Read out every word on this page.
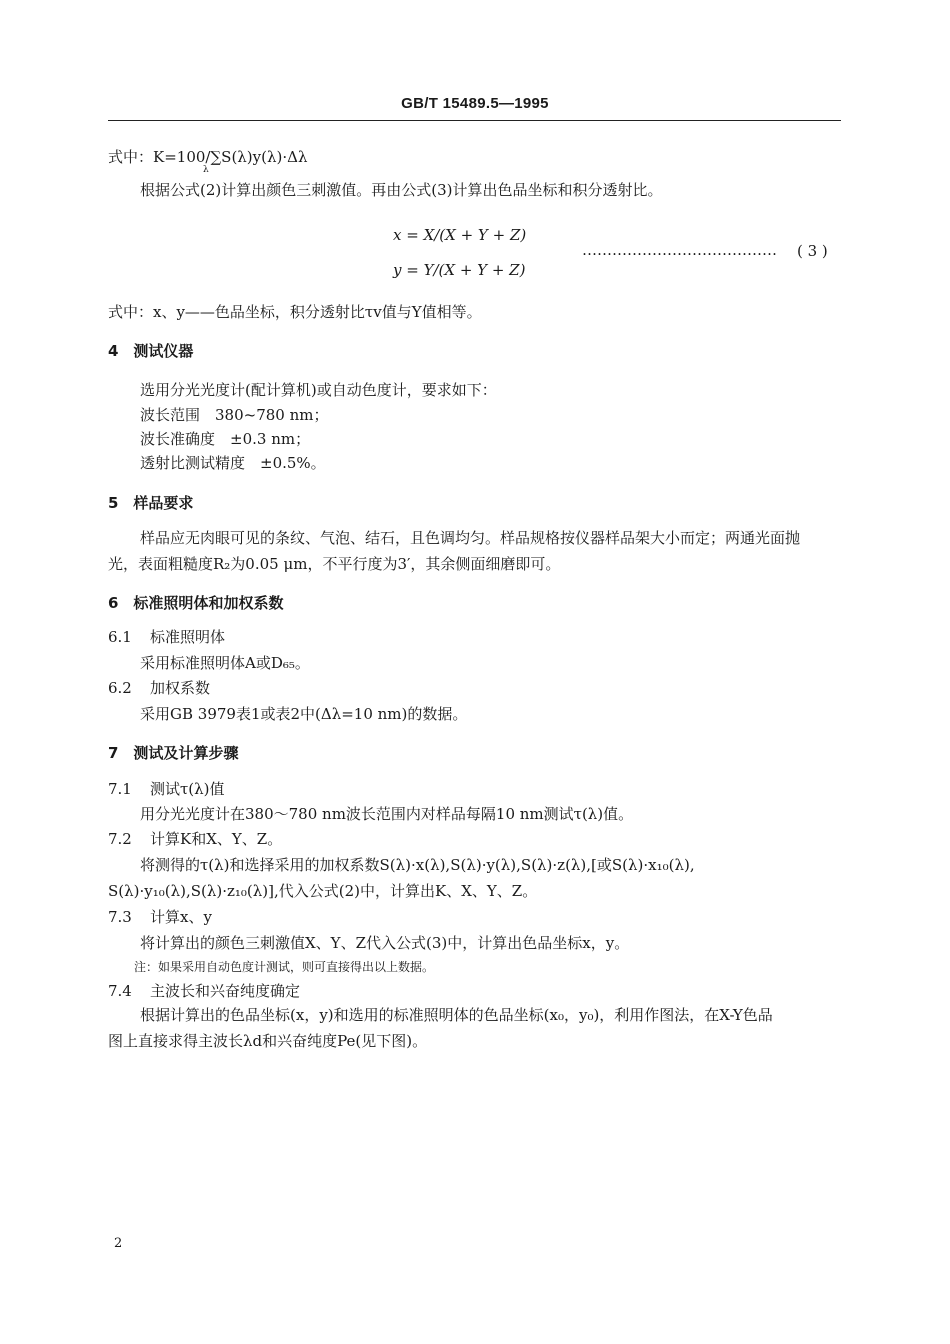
GB/T 15489.5—1995
式中：K=100/∑S(λ)y(λ)·Δλ
λ
根据公式(2)计算出颜色三刺激值。再由公式(3)计算出色品坐标和积分透射比。
x = X/(X + Y + Z)
y = Y/(X + Y + Z)
…………………………………	( 3 )
式中：x、y——色品坐标，积分透射比τv值与Y值相等。
4　测试仪器
选用分光光度计(配计算机)或自动色度计，要求如下：
波长范围　380~780 nm；
波长准确度　±0.3 nm；
透射比测试精度　±0.5%。
5　样品要求
样品应无肉眼可见的条纹、气泡、结石，且色调均匀。样品规格按仪器样品架大小而定；两通光面抛
光，表面粗糙度R₂为0.05 μm，不平行度为3′，其余侧面细磨即可。
6　标准照明体和加权系数
6.1 标准照明体
采用标准照明体A或D₆₅。
6.2 加权系数
采用GB 3979表1或表2中(Δλ=10 nm)的数据。
7　测试及计算步骤
7.1 测试τ(λ)值
用分光光度计在380～780 nm波长范围内对样品每隔10 nm测试τ(λ)值。
7.2 计算K和X、Y、Z。
将测得的τ(λ)和选择采用的加权系数S(λ)·x(λ),S(λ)·y(λ),S(λ)·z(λ),[或S(λ)·x₁₀(λ),
S(λ)·y₁₀(λ),S(λ)·z₁₀(λ)],代入公式(2)中，计算出K、X、Y、Z。
7.3 计算x、y
将计算出的颜色三刺激值X、Y、Z代入公式(3)中，计算出色品坐标x，y。
注：如果采用自动色度计测试，则可直接得出以上数据。
7.4 主波长和兴奋纯度确定
根据计算出的色品坐标(x，y)和选用的标准照明体的色品坐标(x₀，y₀)，利用作图法，在X-Y色品
图上直接求得主波长λd和兴奋纯度Pe(见下图)。
2
